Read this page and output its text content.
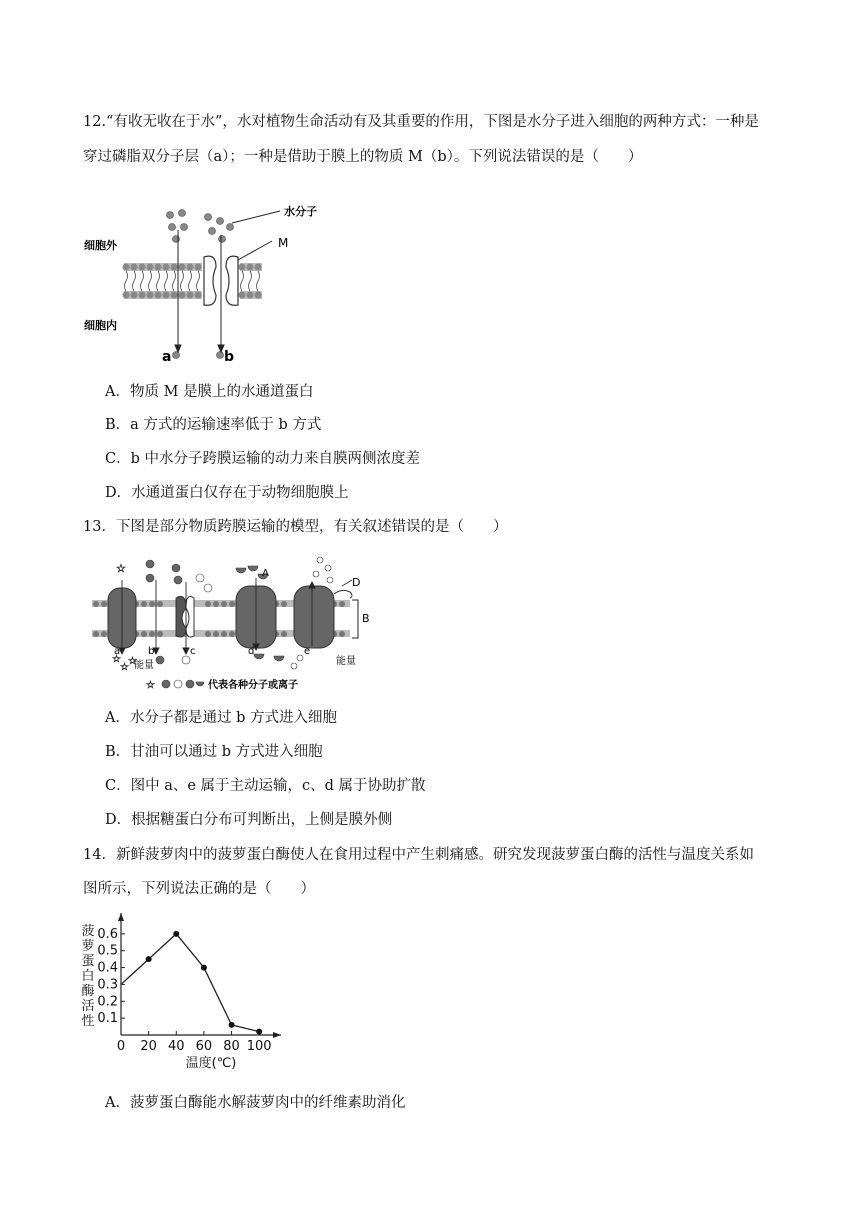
12.“有收无收在于水”，水对植物生命活动有及其重要的作用，下图是水分子进入细胞的两种方式：一种是
穿过磷脂双分子层（a）；一种是借助于膜上的物质 M（b）。下列说法错误的是（　　）
细胞外
细胞内
水分子
M
a	b
A．物质 M 是膜上的水通道蛋白
B．a 方式的运输速率低于 b 方式
C．b 中水分子跨膜运输的动力来自膜两侧浓度差
D．水通道蛋白仅存在于动物细胞膜上
13．下图是部分物质跨膜运输的模型，有关叙述错误的是（　　）
☆
☆
☆
☆
a	b	c	d	e
A
B
D
能量	能量
☆	代表各种分子或离子
A．水分子都是通过 b 方式进入细胞
B．甘油可以通过 b 方式进入细胞
C．图中 a、e 属于主动运输，c、d 属于协助扩散
D．根据糖蛋白分布可判断出，上侧是膜外侧
14．新鲜菠萝肉中的菠萝蛋白酶使人在食用过程中产生刺痛感。研究发现菠萝蛋白酶的活性与温度关系如
图所示，下列说法正确的是（　　）
0 20 40 60 80 100
0.1
0.2
0.3
0.4
0.5
0.6
温度(℃)
菠
萝
蛋
白
酶
活
性
A．菠萝蛋白酶能水解菠萝肉中的纤维素助消化
